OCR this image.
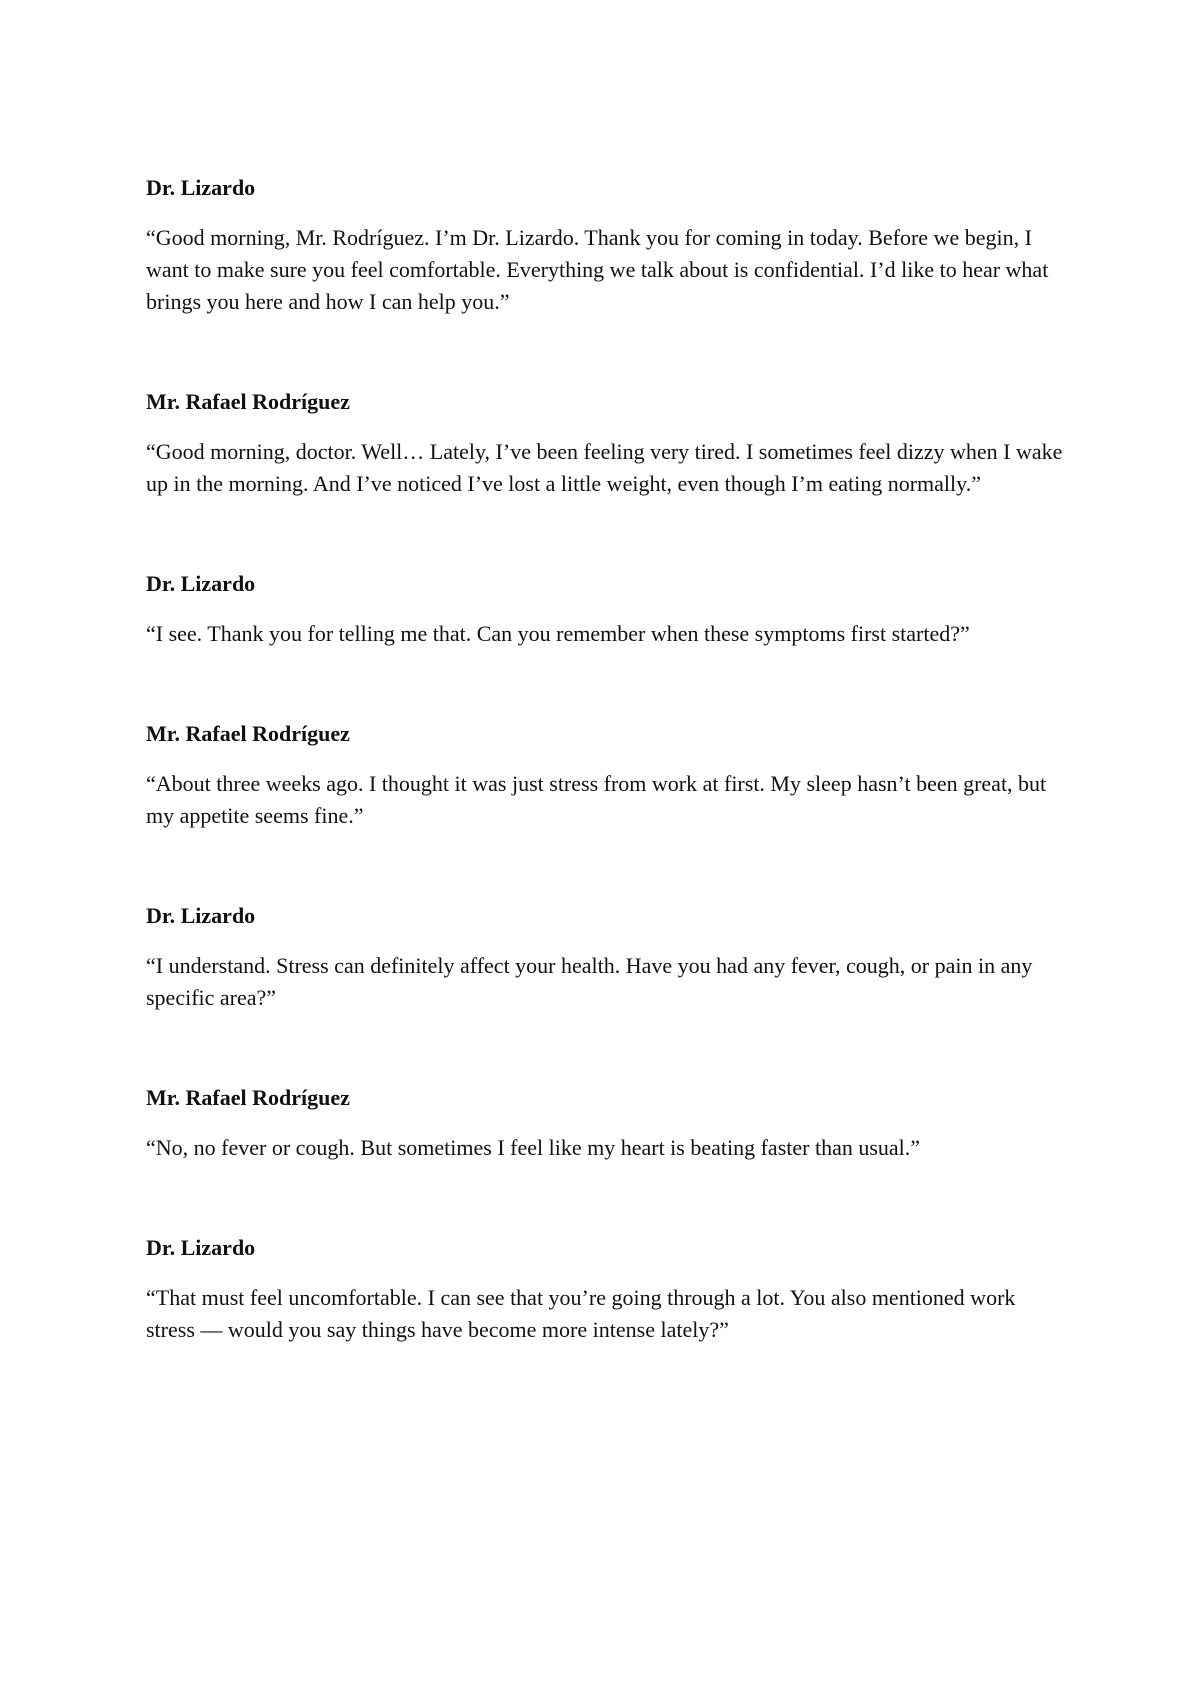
Dr. Lizardo

“Good morning, Mr. Rodríguez. I’m Dr. Lizardo. Thank you for coming in today. Before we begin, I want to make sure you feel comfortable. Everything we talk about is confidential. I’d like to hear what brings you here and how I can help you.”

Mr. Rafael Rodríguez

“Good morning, doctor. Well… Lately, I’ve been feeling very tired. I sometimes feel dizzy when I wake up in the morning. And I’ve noticed I’ve lost a little weight, even though I’m eating normally.”

Dr. Lizardo

“I see. Thank you for telling me that. Can you remember when these symptoms first started?”

Mr. Rafael Rodríguez

“About three weeks ago. I thought it was just stress from work at first. My sleep hasn’t been great, but my appetite seems fine.”

Dr. Lizardo

“I understand. Stress can definitely affect your health. Have you had any fever, cough, or pain in any specific area?”

Mr. Rafael Rodríguez

“No, no fever or cough. But sometimes I feel like my heart is beating faster than usual.”

Dr. Lizardo

“That must feel uncomfortable. I can see that you’re going through a lot. You also mentioned work stress — would you say things have become more intense lately?”
